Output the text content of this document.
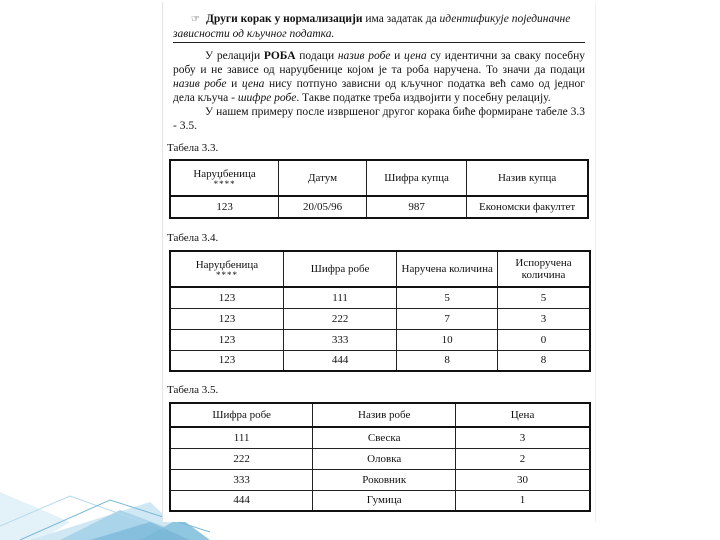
☞ Други корак у нормализацији има задатак да идентификује појединачне зависности од кључног податка.
У релацији РОБА подаци назив робе и цена су идентични за сваку посебну робу и не зависе од наруџбенице којом је та роба наручена. То значи да подаци назив робе и цена нису потпуно зависни од кључног податка већ само од једног дела кључа - шифре робе. Такве податке треба издвојити у посебну релацију.
У нашем примеру после извршеног другог корака биће формиране табеле 3.3 - 3.5.
Табела 3.3.
Наруџбеница
****	Датум	Шифра купца	Назив купца
123	20/05/96	987	Економски факултет
Табела 3.4.
Наруџбеница
****	Шифра робе	Наручена количина	Испоручена количина
123	111	5	5
123	222	7	3
123	333	10	0
123	444	8	8
Табела 3.5.
Шифра робе	Назив робе	Цена
111	Свеска	3
222	Оловка	2
333	Роковник	30
444	Гумица	1
